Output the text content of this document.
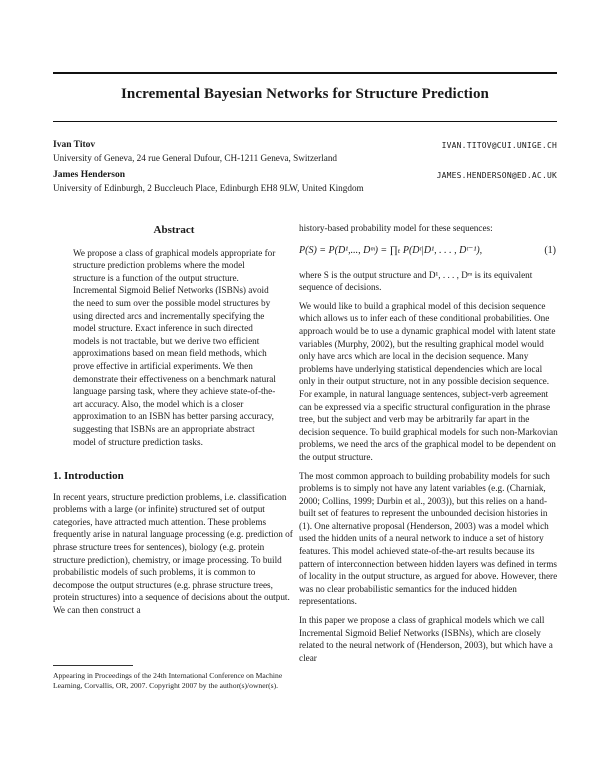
Incremental Bayesian Networks for Structure Prediction
Ivan Titov	IVAN.TITOV@CUI.UNIGE.CH
University of Geneva, 24 rue General Dufour, CH-1211 Geneva, Switzerland
James Henderson	JAMES.HENDERSON@ED.AC.UK
University of Edinburgh, 2 Buccleuch Place, Edinburgh EH8 9LW, United Kingdom
Abstract
We propose a class of graphical models appropriate for structure prediction problems where the model structure is a function of the output structure. Incremental Sigmoid Belief Networks (ISBNs) avoid the need to sum over the possible model structures by using directed arcs and incrementally specifying the model structure. Exact inference in such directed models is not tractable, but we derive two efficient approximations based on mean field methods, which prove effective in artificial experiments. We then demonstrate their effectiveness on a benchmark natural language parsing task, where they achieve state-of-the-art accuracy. Also, the model which is a closer approximation to an ISBN has better parsing accuracy, suggesting that ISBNs are an appropriate abstract model of structure prediction tasks.
1. Introduction
In recent years, structure prediction problems, i.e. classification problems with a large (or infinite) structured set of output categories, have attracted much attention. These problems frequently arise in natural language processing (e.g. prediction of phrase structure trees for sentences), biology (e.g. protein structure prediction), chemistry, or image processing. To build probabilistic models of such problems, it is common to decompose the output structures (e.g. phrase structure trees, protein structures) into a sequence of decisions about the output. We can then construct a

history-based probability model for these sequences:

P(S) = P(D¹,..., Dᵐ) = ∏ₜ P(Dᵗ|D¹, . . . , Dᵗ⁻¹),	(1)

where S is the output structure and D¹, . . . , Dᵐ is its equivalent sequence of decisions.

We would like to build a graphical model of this decision sequence which allows us to infer each of these conditional probabilities. One approach would be to use a dynamic graphical model with latent state variables (Murphy, 2002), but the resulting graphical model would only have arcs which are local in the decision sequence. Many problems have underlying statistical dependencies which are local only in their output structure, not in any possible decision sequence. For example, in natural language sentences, subject-verb agreement can be expressed via a specific structural configuration in the phrase tree, but the subject and verb may be arbitrarily far apart in the decision sequence. To build graphical models for such non-Markovian problems, we need the arcs of the graphical model to be dependent on the output structure.

The most common approach to building probability models for such problems is to simply not have any latent variables (e.g. (Charniak, 2000; Collins, 1999; Durbin et al., 2003)), but this relies on a hand-built set of features to represent the unbounded decision histories in (1). One alternative proposal (Henderson, 2003) was a model which used the hidden units of a neural network to induce a set of history features. This model achieved state-of-the-art results because its pattern of interconnection between hidden layers was defined in terms of locality in the output structure, as argued for above. However, there was no clear probabilistic semantics for the induced hidden representations.

In this paper we propose a class of graphical models which we call Incremental Sigmoid Belief Networks (ISBNs), which are closely related to the neural network of (Henderson, 2003), but which have a clear

Appearing in Proceedings of the 24th International Conference on Machine Learning, Corvallis, OR, 2007. Copyright 2007 by the author(s)/owner(s).
